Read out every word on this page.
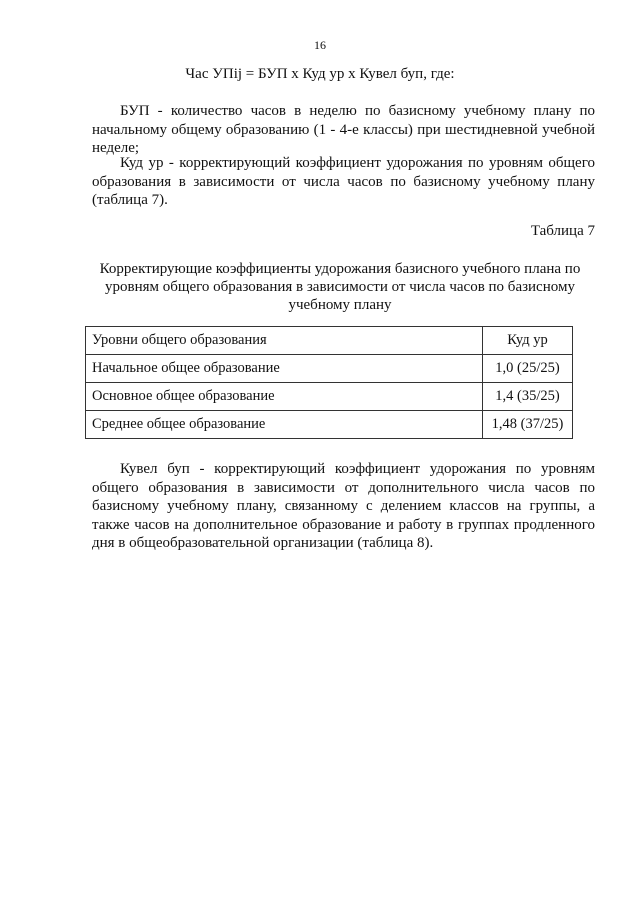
16
Час УПij = БУП x Куд ур x Кувел буп, где:

БУП - количество часов в неделю по базисному учебному плану по начальному общему образованию (1 - 4-е классы) при шестидневной учебной неделе;

Куд ур - корректирующий коэффициент удорожания по уровням общего образования в зависимости от числа часов по базисному учебному плану (таблица 7).

Таблица 7
Корректирующие коэффициенты удорожания базисного учебного плана по уровням общего образования в зависимости от числа часов по базисному учебному плану
Уровни общего образования	Куд ур
Начальное общее образование	1,0 (25/25)
Основное общее образование	1,4 (35/25)
Среднее общее образование	1,48 (37/25)

Кувел буп - корректирующий коэффициент удорожания по уровням общего образования в зависимости от дополнительного числа часов по базисному учебному плану, связанному с делением классов на группы, а также часов на дополнительное образование и работу в группах продленного дня в общеобразовательной организации (таблица 8).
